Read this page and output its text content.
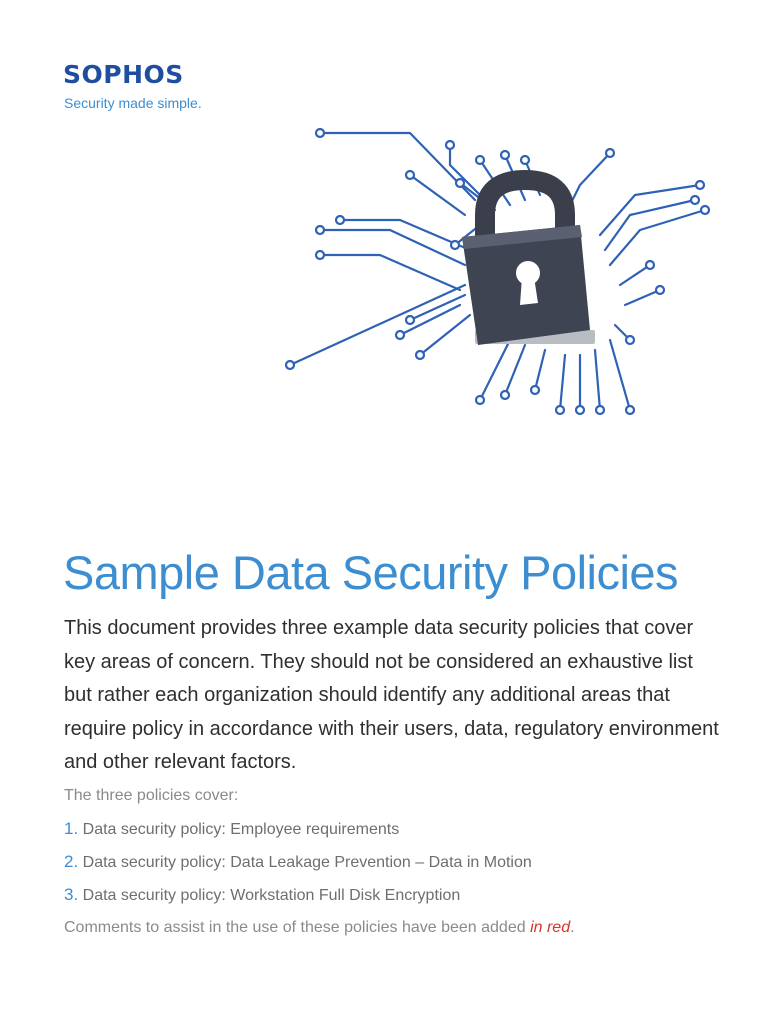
SOPHOS
Security made simple.
Sample Data Security Policies

This document provides three example data security policies that cover key areas of concern. They should not be considered an exhaustive list but rather each organization should identify any additional areas that require policy in accordance with their users, data, regulatory environment and other relevant factors.

The three policies cover:

1. Data security policy: Employee requirements
2. Data security policy: Data Leakage Prevention – Data in Motion
3. Data security policy: Workstation Full Disk Encryption

Comments to assist in the use of these policies have been added in red.
